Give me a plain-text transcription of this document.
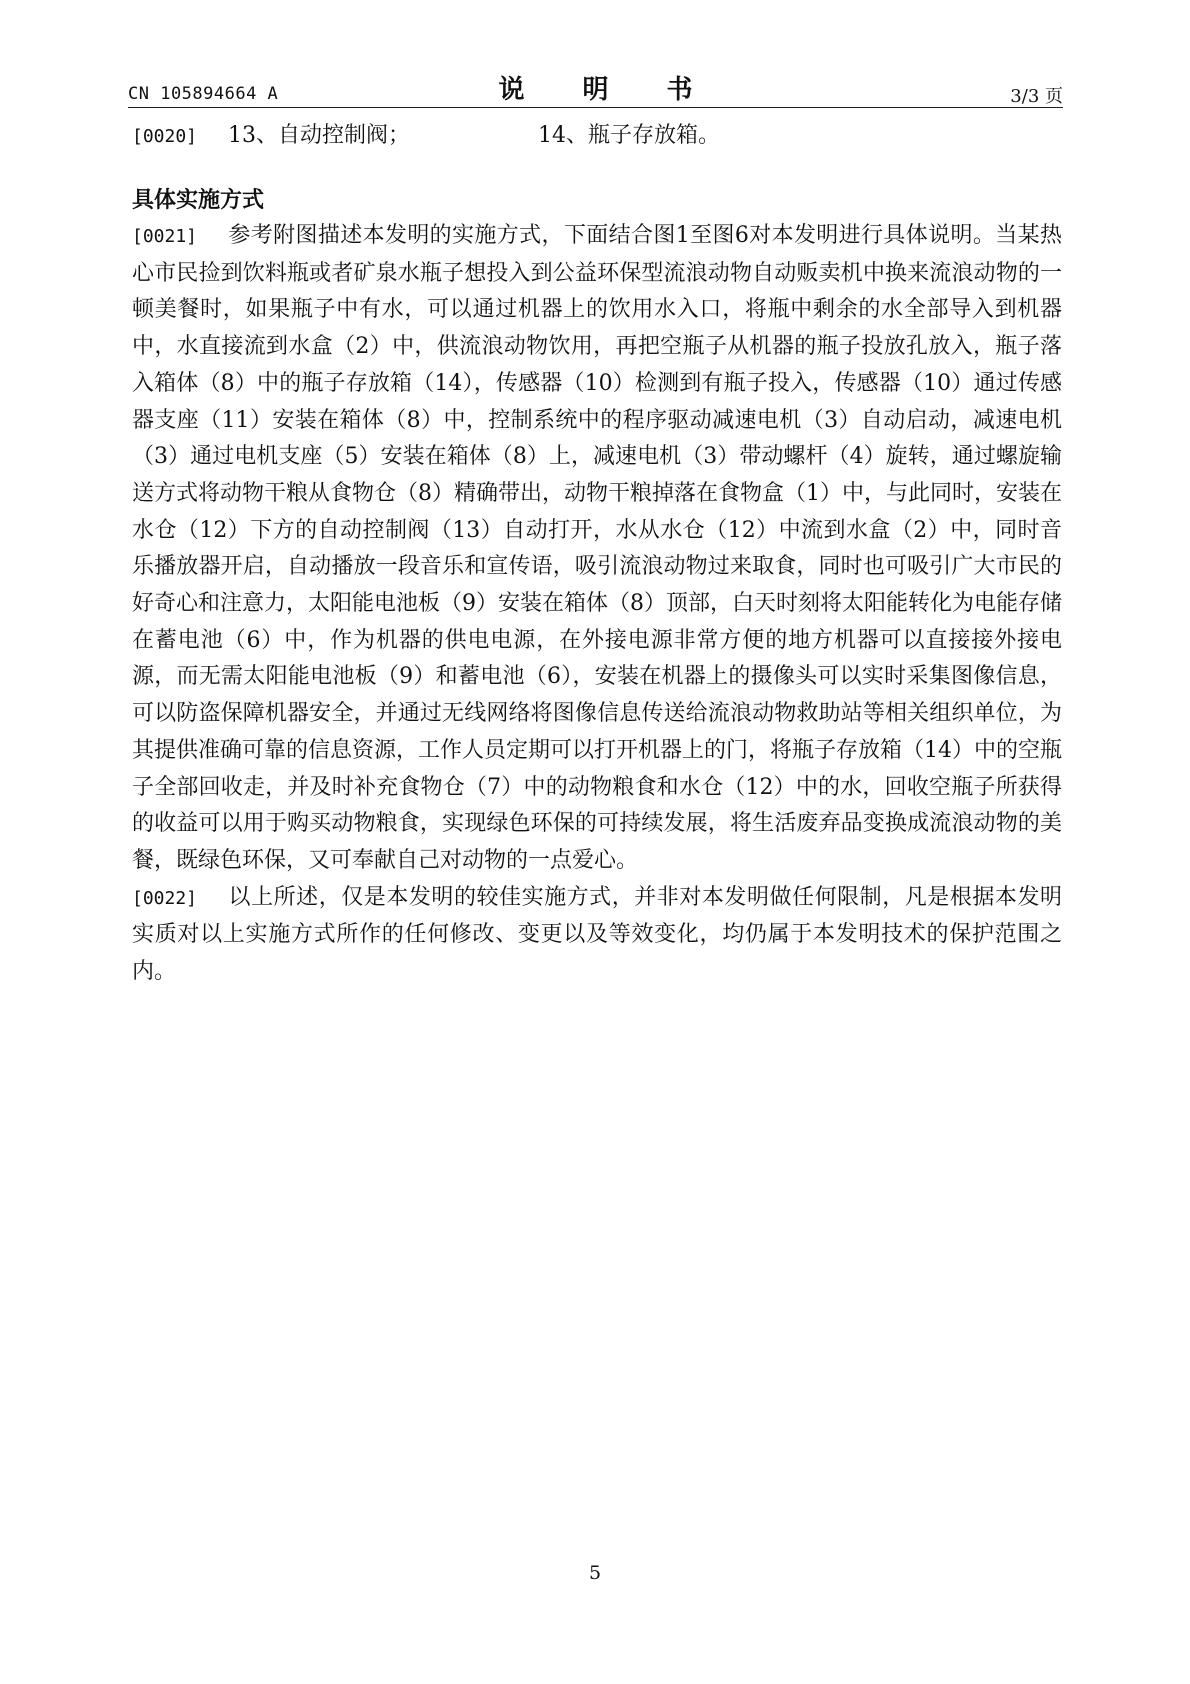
CN 105894664 A	说　明　书	3/3 页
[0020] 13、自动控制阀；	14、瓶子存放箱。
具体实施方式

[0021] 参考附图描述本发明的实施方式，下面结合图1至图6对本发明进行具体说明。当某热心市民捡到饮料瓶或者矿泉水瓶子想投入到公益环保型流浪动物自动贩卖机中换来流浪动物的一顿美餐时，如果瓶子中有水，可以通过机器上的饮用水入口，将瓶中剩余的水全部导入到机器中，水直接流到水盒（2）中，供流浪动物饮用，再把空瓶子从机器的瓶子投放孔放入，瓶子落入箱体（8）中的瓶子存放箱（14），传感器（10）检测到有瓶子投入，传感器（10）通过传感器支座（11）安装在箱体（8）中，控制系统中的程序驱动减速电机（3）自动启动，减速电机（3）通过电机支座（5）安装在箱体（8）上，减速电机（3）带动螺杆（4）旋转，通过螺旋输送方式将动物干粮从食物仓（8）精确带出，动物干粮掉落在食物盒（1）中，与此同时，安装在水仓（12）下方的自动控制阀（13）自动打开，水从水仓（12）中流到水盒（2）中，同时音乐播放器开启，自动播放一段音乐和宣传语，吸引流浪动物过来取食，同时也可吸引广大市民的好奇心和注意力，太阳能电池板（9）安装在箱体（8）顶部，白天时刻将太阳能转化为电能存储在蓄电池（6）中，作为机器的供电电源，在外接电源非常方便的地方机器可以直接接外接电源，而无需太阳能电池板（9）和蓄电池（6），安装在机器上的摄像头可以实时采集图像信息，可以防盗保障机器安全，并通过无线网络将图像信息传送给流浪动物救助站等相关组织单位，为其提供准确可靠的信息资源，工作人员定期可以打开机器上的门，将瓶子存放箱（14）中的空瓶子全部回收走，并及时补充食物仓（7）中的动物粮食和水仓（12）中的水，回收空瓶子所获得的收益可以用于购买动物粮食，实现绿色环保的可持续发展，将生活废弃品变换成流浪动物的美餐，既绿色环保，又可奉献自己对动物的一点爱心。

[0022] 以上所述，仅是本发明的较佳实施方式，并非对本发明做任何限制，凡是根据本发明实质对以上实施方式所作的任何修改、变更以及等效变化，均仍属于本发明技术的保护范围之内。

5
